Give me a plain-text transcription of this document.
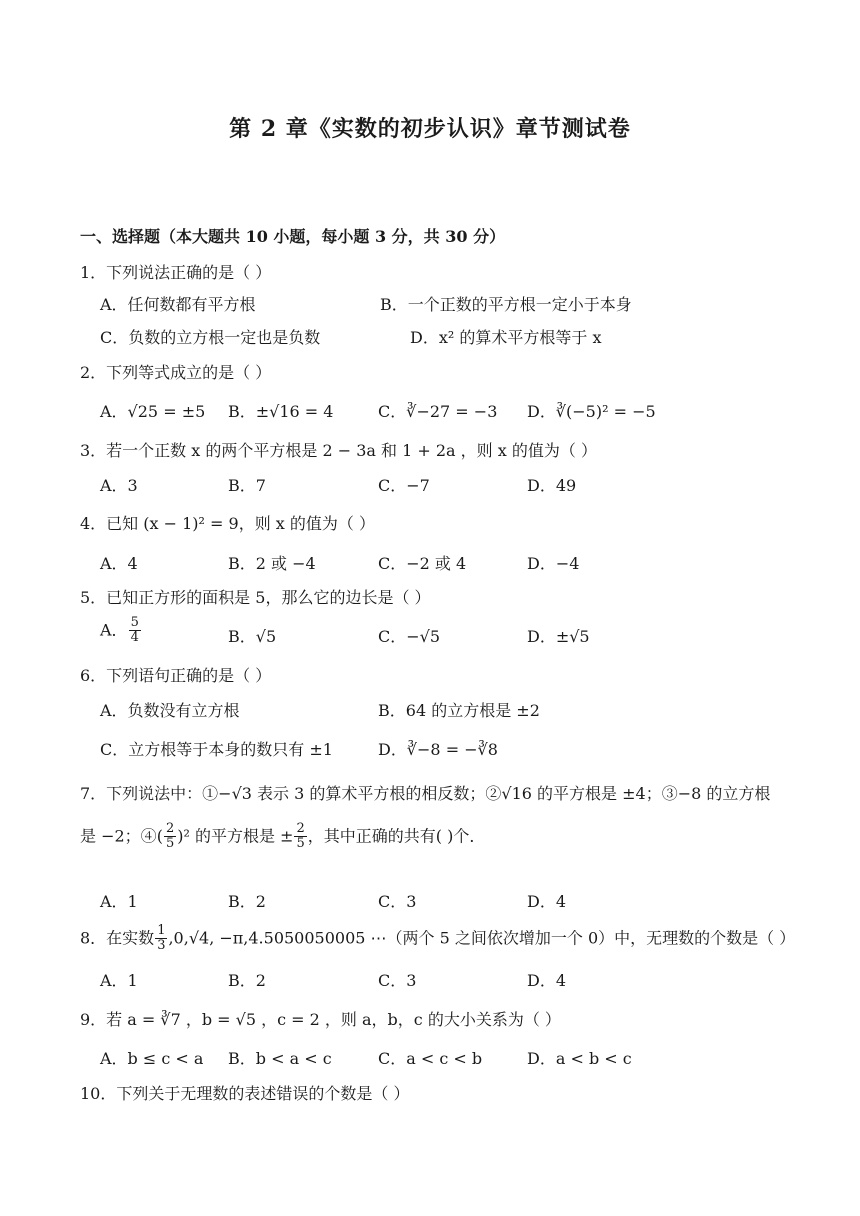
第 2 章《实数的初步认识》章节测试卷
一、选择题（本大题共 10 小题，每小题 3 分，共 30 分）
1．下列说法正确的是（ ）
A．任何数都有平方根	B．一个正数的平方根一定小于本身
C．负数的立方根一定也是负数	D．x² 的算术平方根等于 x
2．下列等式成立的是（ ）
A．√25 = ±5 B．±√16 = 4	C．∛−27 = −3 D．∛(−5)² = −5
3．若一个正数 x 的两个平方根是 2 − 3a 和 1 + 2a ，则 x 的值为（ ）
A．3	B．7	C．−7	D．49
4．已知 (x − 1)² = 9，则 x 的值为（ ）
A．4	B．2 或 −4	C．−2 或 4	D．−4
5．已知正方形的面积是 5，那么它的边长是（ ）
A． $\frac{5}{4}$	B．√5	C．−√5	D．±√5
6．下列语句正确的是（ ）
A．负数没有立方根	B．64 的立方根是 ±2
C．立方根等于本身的数只有 ±1	D．∛−8 = −∛8
7．下列说法中：①−√3 表示 3 的算术平方根的相反数；②√16 的平方根是 ±4；③−8 的立方根
是 −2；④( $\frac{2}{5} )^2$ 的平方根是 ± $\frac{2}{5}$ ，其中正确的共有( )个．
A．1	B．2	C．3	D．4
8．在实数 $\frac{1}{3} ,0,√4$, −π,4.5050050005 ⋯（两个 5 之间依次增加一个 0）中，无理数的个数是（ ）
A．1	B．2	C．3	D．4
9．若 a = ∛7 ，b = √5 ，c = 2 ，则 a，b，c 的大小关系为（ ）
A．b ≤ c < a B．b < a < c	C．a < c < b	D．a < b < c
10．下列关于无理数的表述错误的个数是（ ）
